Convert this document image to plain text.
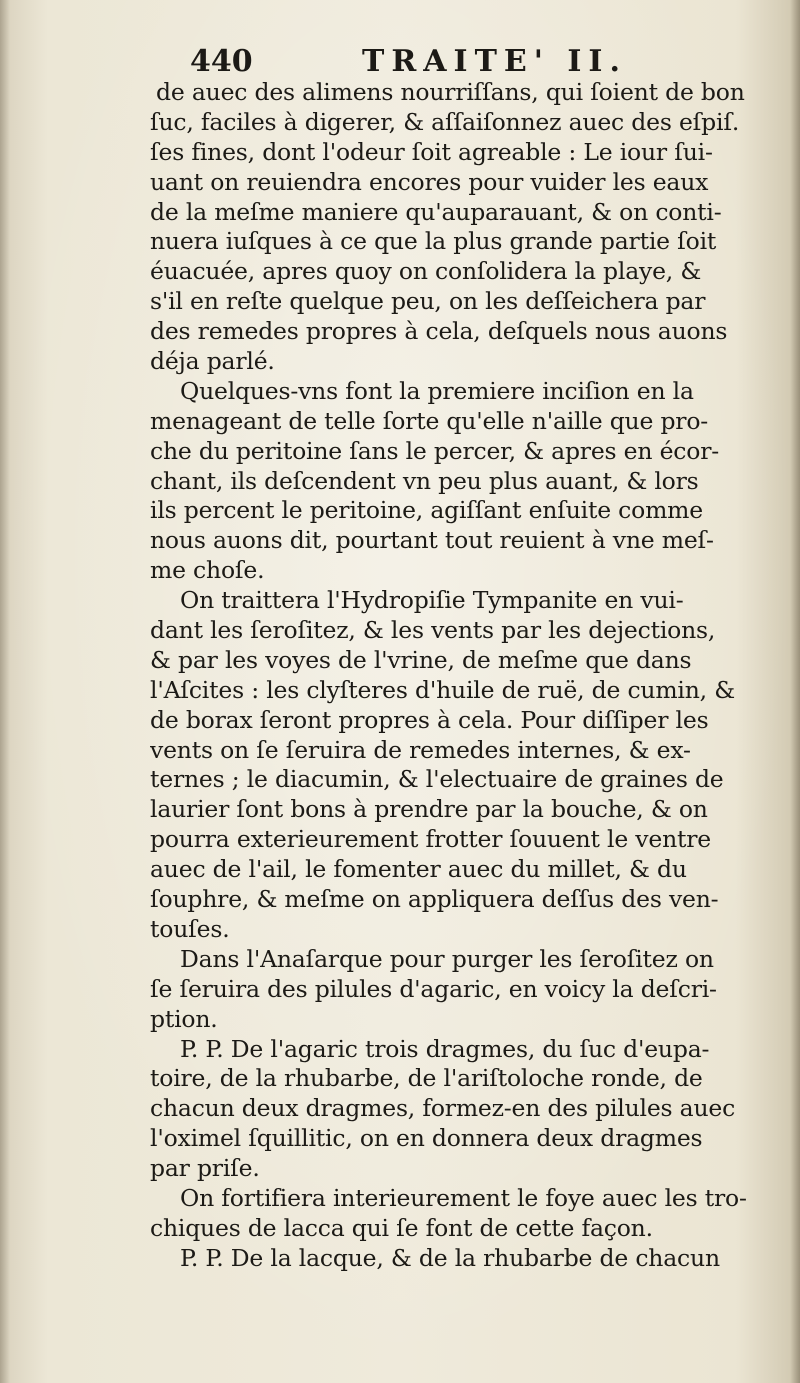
440	TRAITE' II.
de auec des alimens nourriſſans, qui ſoient de bon
ſuc, faciles à digerer, & aſſaiſonnez auec des eſpiſ.
ſes fines, dont l'odeur ſoit agreable : Le iour ſui-
uant on reuiendra encores pour vuider les eaux
de la meſme maniere qu'auparauant, & on conti-
nuera iuſques à ce que la plus grande partie ſoit
éuacuée, apres quoy on conſolidera la playe, &
s'il en reſte quelque peu, on les deſſeichera par
des remedes propres à cela, deſquels nous auons
déja parlé.
Quelques-vns font la premiere inciſion en la
menageant de telle ſorte qu'elle n'aille que pro-
che du peritoine ſans le percer, & apres en écor-
chant, ils deſcendent vn peu plus auant, & lors
ils percent le peritoine, agiſſant enſuite comme
nous auons dit, pourtant tout reuient à vne meſ-
me choſe.
On traittera l'Hydropiſie Tympanite en vui-
dant les ſeroſitez, & les vents par les dejections,
& par les voyes de l'vrine, de meſme que dans
l'Aſcites : les clyſteres d'huile de ruë, de cumin, &
de borax ſeront propres à cela. Pour diſſiper les
vents on ſe ſeruira de remedes internes, & ex-
ternes ; le diacumin, & l'electuaire de graines de
laurier ſont bons à prendre par la bouche, & on
pourra exterieurement frotter ſouuent le ventre
auec de l'ail, le fomenter auec du millet, & du
ſouphre, & meſme on appliquera deſſus des ven-
touſes.
Dans l'Anaſarque pour purger les ſeroſitez on
ſe ſeruira des pilules d'agaric, en voicy la deſcri-
ption.
P. P. De l'agaric trois dragmes, du ſuc d'eupa-
toire, de la rhubarbe, de l'ariſtoloche ronde, de
chacun deux dragmes, formez-en des pilules auec
l'oximel ſquillitic, on en donnera deux dragmes
par priſe.
On fortifiera interieurement le foye auec les tro-
chiques de lacca qui ſe font de cette façon.
P. P. De la lacque, & de la rhubarbe de chacun
